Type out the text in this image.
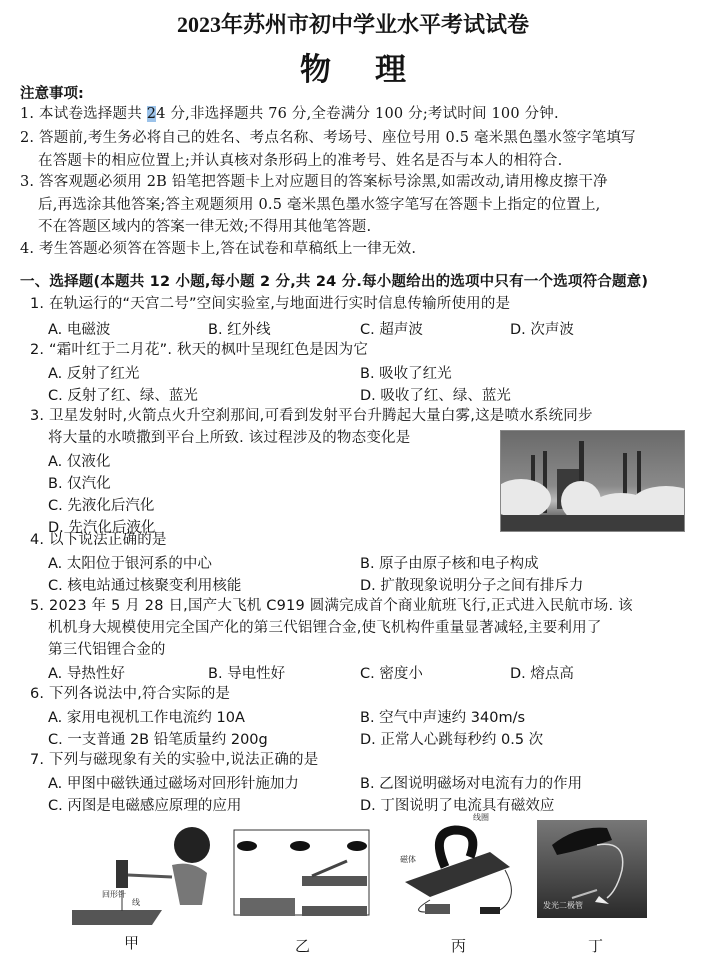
2023年苏州市初中学业水平考试试卷
物 理
注意事项:
1. 本试卷选择题共 24 分,非选择题共 76 分,全卷满分 100 分;考试时间 100 分钟.
2. 答题前,考生务必将自己的姓名、考点名称、考场号、座位号用 0.5 毫米黑色墨水签字笔填写
在答题卡的相应位置上;并认真核对条形码上的准考号、姓名是否与本人的相符合.
3. 答客观题必须用 2B 铅笔把答题卡上对应题目的答案标号涂黑,如需改动,请用橡皮擦干净
后,再选涂其他答案;答主观题须用 0.5 毫米黑色墨水签字笔写在答题卡上指定的位置上,
不在答题区域内的答案一律无效;不得用其他笔答题.
4. 考生答题必须答在答题卡上,答在试卷和草稿纸上一律无效.
一、选择题(本题共 12 小题,每小题 2 分,共 24 分.每小题给出的选项中只有一个选项符合题意)
1. 在轨运行的“天宫二号”空间实验室,与地面进行实时信息传输所使用的是
A. 电磁波	B. 红外线	C. 超声波	D. 次声波
2. “霜叶红于二月花”. 秋天的枫叶呈现红色是因为它
A. 反射了红光	B. 吸收了红光
C. 反射了红、绿、蓝光	D. 吸收了红、绿、蓝光
3. 卫星发射时,火箭点火升空刹那间,可看到发射平台升腾起大量白雾,这是喷水系统同步
将大量的水喷撒到平台上所致. 该过程涉及的物态变化是
A. 仅液化
B. 仅汽化
C. 先液化后汽化
D. 先汽化后液化
4. 以下说法正确的是
A. 太阳位于银河系的中心	B. 原子由原子核和电子构成
C. 核电站通过核聚变利用核能	D. 扩散现象说明分子之间有排斥力
5. 2023 年 5 月 28 日,国产大飞机 C919 圆满完成首个商业航班飞行,正式进入民航市场. 该
机机身大规模使用完全国产化的第三代铝锂合金,使飞机构件重量显著减轻,主要利用了
第三代铝锂合金的
A. 导热性好	B. 导电性好	C. 密度小	D. 熔点高
6. 下列各说法中,符合实际的是
A. 家用电视机工作电流约 10A	B. 空气中声速约 340m/s
C. 一支普通 2B 铅笔质量约 200g	D. 正常人心跳每秒约 0.5 次
7. 下列与磁现象有关的实验中,说法正确的是
A. 甲图中磁铁通过磁场对回形针施加力	B. 乙图说明磁场对电流有力的作用
C. 丙图是电磁感应原理的应用	D. 丁图说明了电流具有磁效应
回形针
线
甲	乙
磁体
线圈
丙
发光二极管
丁
